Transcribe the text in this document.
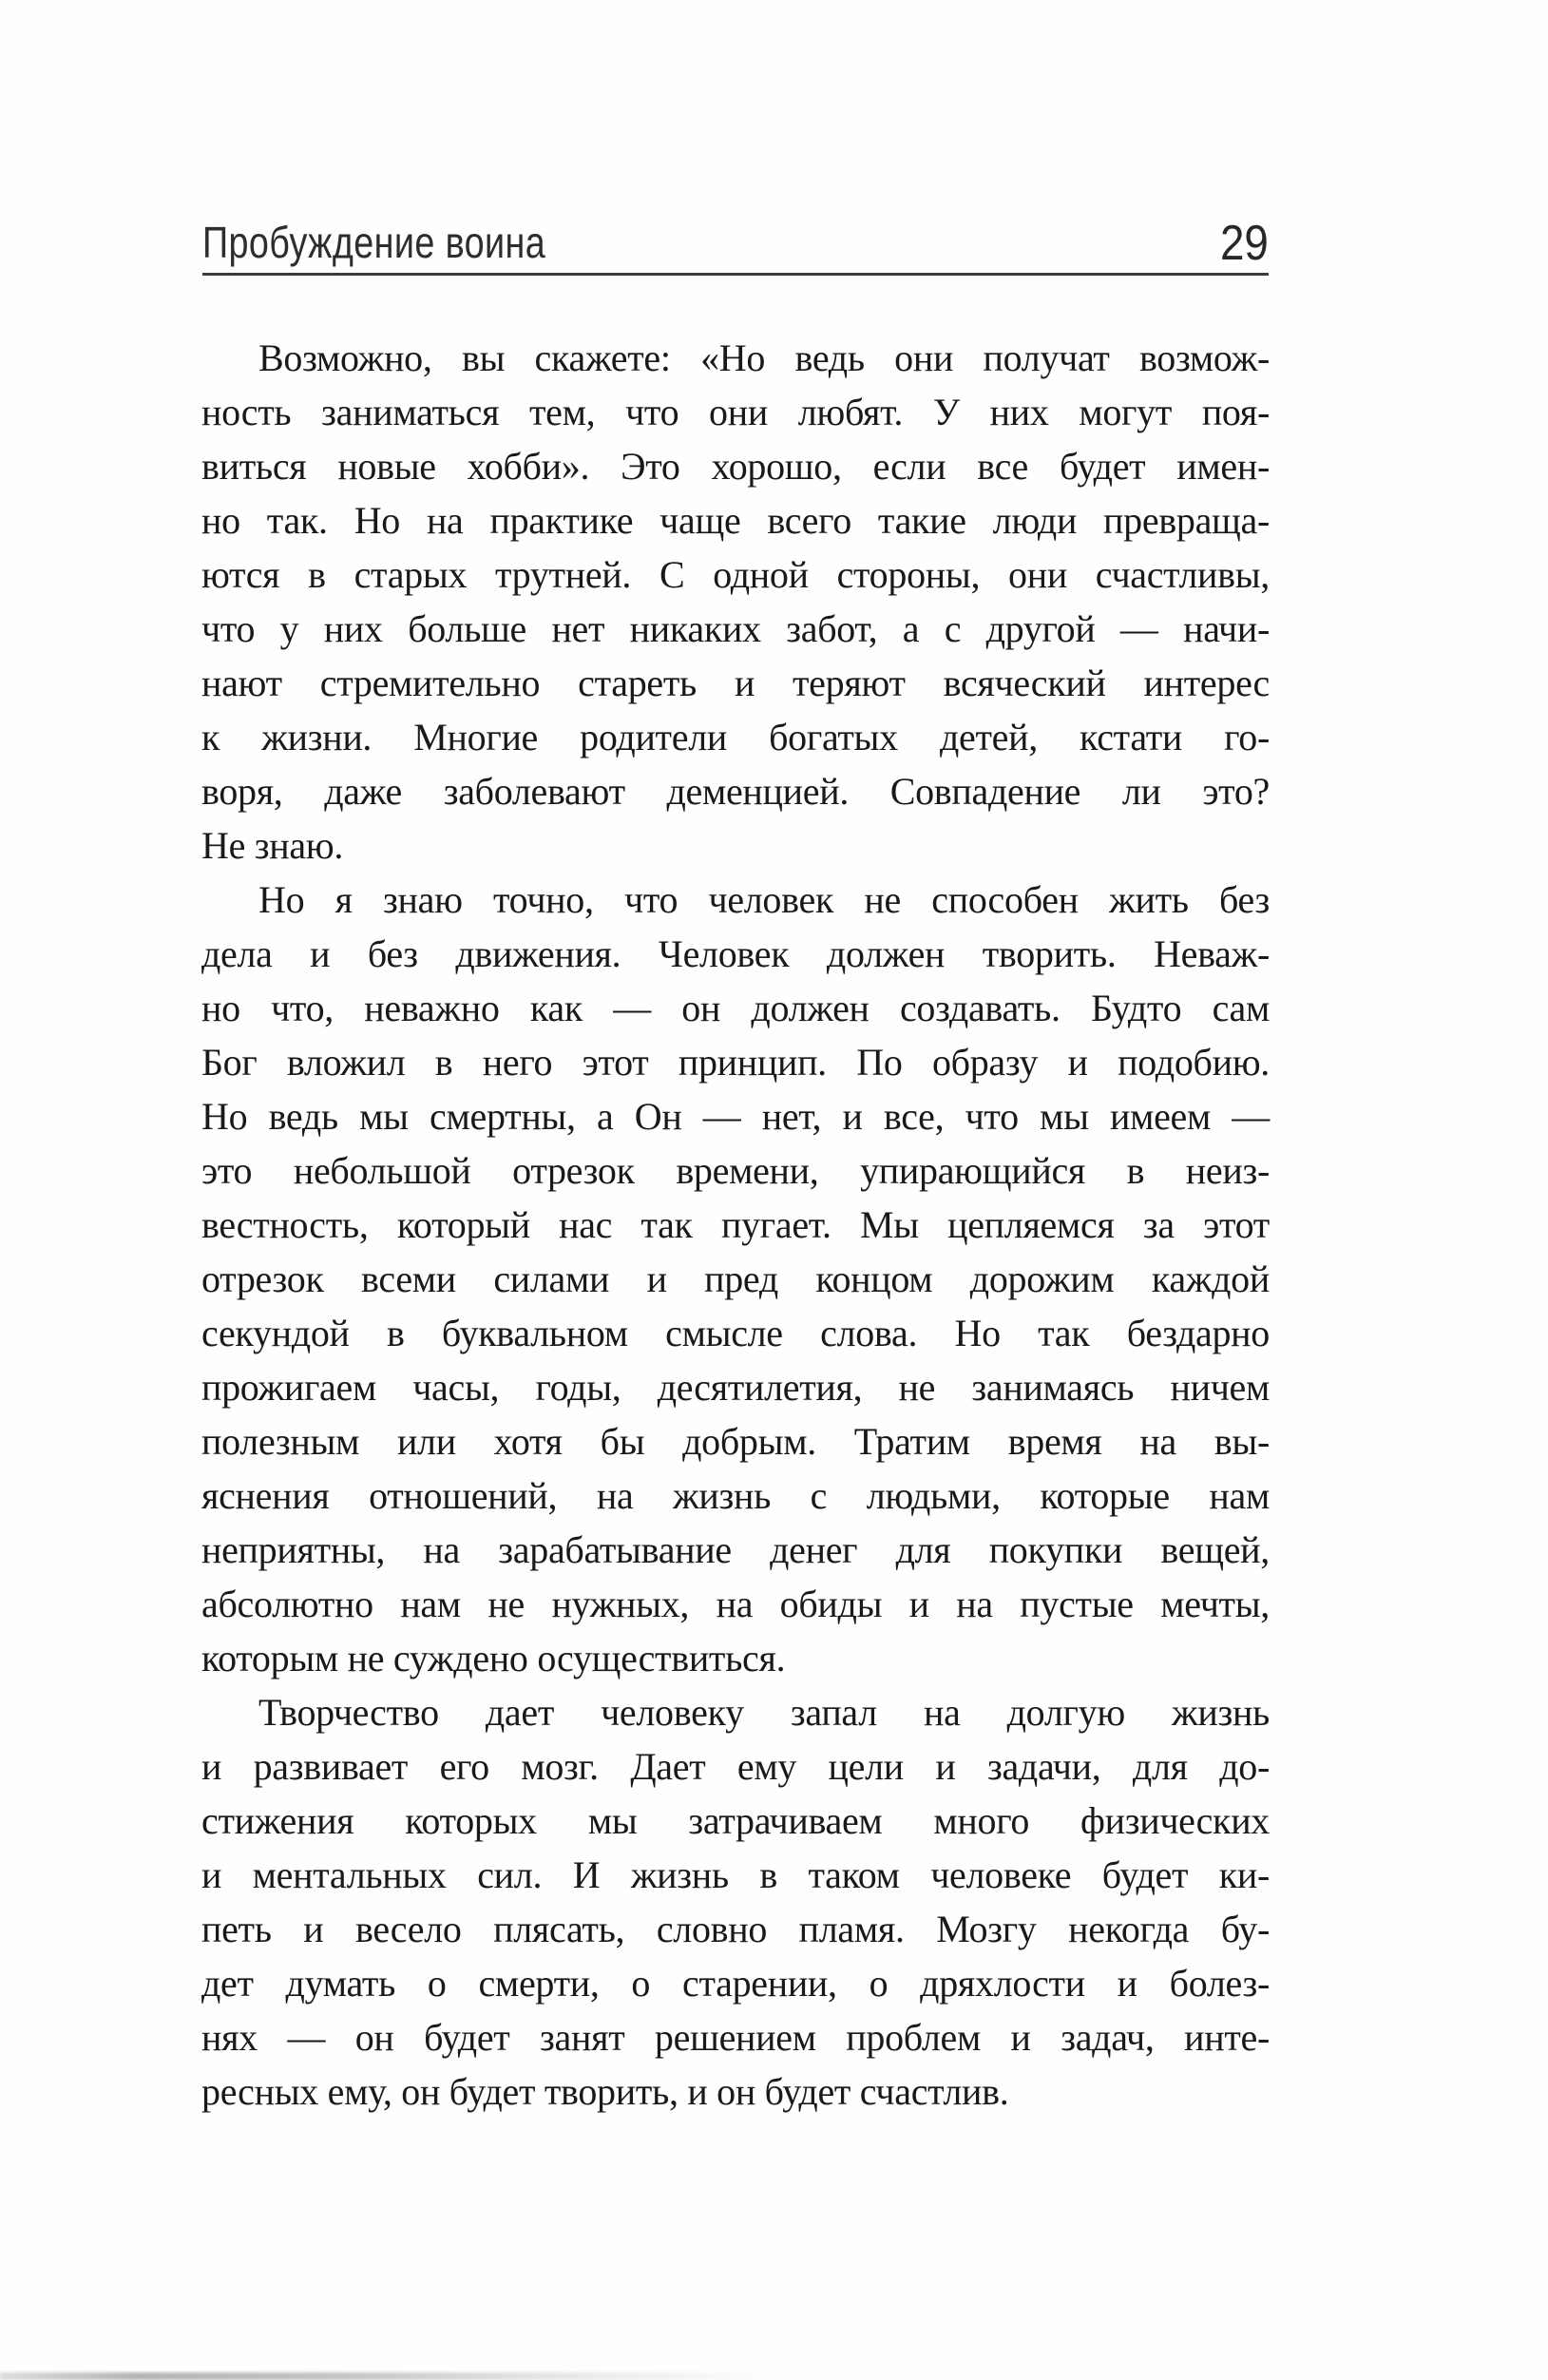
Пробуждение воина	29
Возможно, вы скажете: «Но ведь они получат возмож-
ность заниматься тем, что они любят. У них могут поя-
виться новые хобби». Это хорошо, если все будет имен-
но так. Но на практике чаще всего такие люди превраща-
ются в старых трутней. С одной стороны, они счастливы,
что у них больше нет никаких забот, а с другой — начи-
нают стремительно стареть и теряют всяческий интерес
к жизни. Многие родители богатых детей, кстати го-
воря, даже заболевают деменцией. Совпадение ли это?
Не знаю.
Но я знаю точно, что человек не способен жить без
дела и без движения. Человек должен творить. Неваж-
но что, неважно как — он должен создавать. Будто сам
Бог вложил в него этот принцип. По образу и подобию.
Но ведь мы смертны, а Он — нет, и все, что мы имеем —
это небольшой отрезок времени, упирающийся в неиз-
вестность, который нас так пугает. Мы цепляемся за этот
отрезок всеми силами и пред концом дорожим каждой
секундой в буквальном смысле слова. Но так бездарно
прожигаем часы, годы, десятилетия, не занимаясь ничем
полезным или хотя бы добрым. Тратим время на вы-
яснения отношений, на жизнь с людьми, которые нам
неприятны, на зарабатывание денег для покупки вещей,
абсолютно нам не нужных, на обиды и на пустые мечты,
которым не суждено осуществиться.
Творчество дает человеку запал на долгую жизнь
и развивает его мозг. Дает ему цели и задачи, для до-
стижения которых мы затрачиваем много физических
и ментальных сил. И жизнь в таком человеке будет ки-
петь и весело плясать, словно пламя. Мозгу некогда бу-
дет думать о смерти, о старении, о дряхлости и болез-
нях — он будет занят решением проблем и задач, инте-
ресных ему, он будет творить, и он будет счастлив.
